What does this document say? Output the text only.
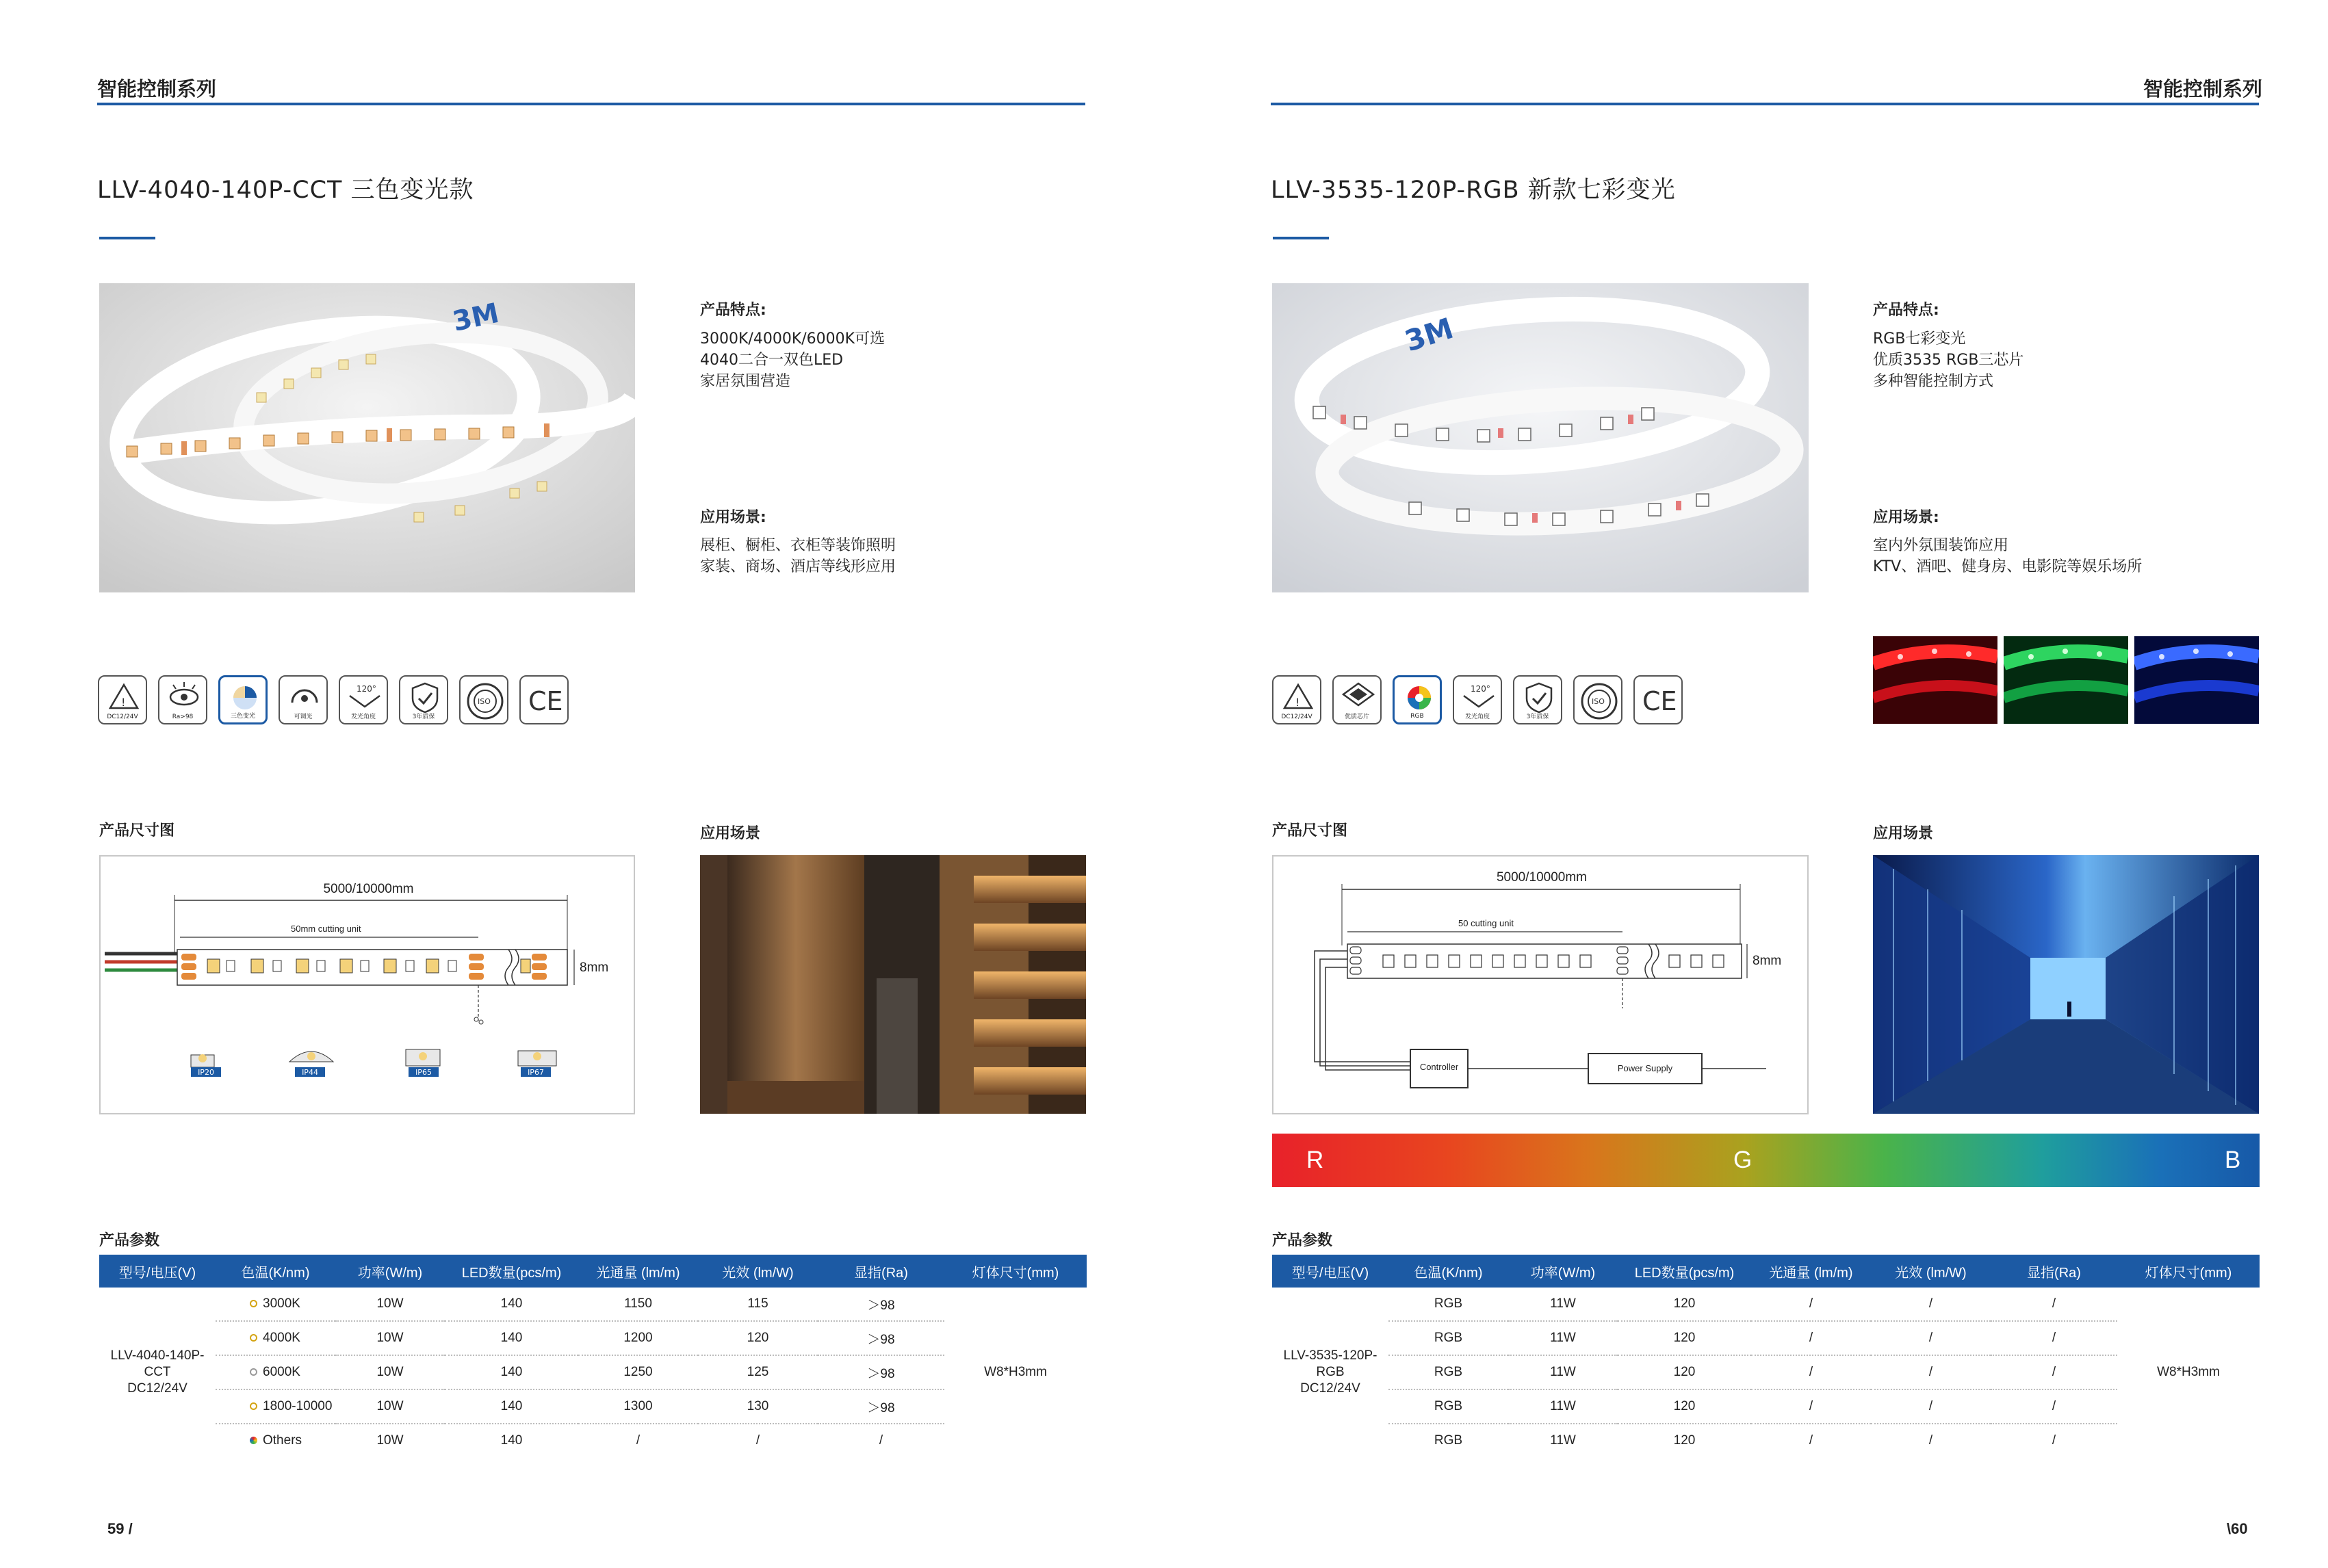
智能控制系列
LLV-4040-140P-CCT 三色变光款
3M	产品特点:
3000K/4000K/6000K可选
4040二合一双色LED
家居氛围营造
应用场景:
展柜、橱柜、衣柜等装饰照明
家装、商场、酒店等线形应用
!
DC12/24V	Ra>98	三色变光	可调光
120°
发光角度	3年质保
ISO CE
产品尺寸图	应用场景
5000/10000mm
50mm cutting unit
8mm
IP20	IP44	IP65	IP67
产品参数
型号/电压(V)	色温(K/nm)	功率(W/m)	LED数量(pcs/m)	光通量 (lm/m)	光效 (lm/W)	显指(Ra)	灯体尺寸(mm)

LLV-4040-140P-CCT
DC12/24V	3000K	10W	140	1150	115	＞98	W8*H3mm
	4000K	10W	140	1200	120	＞98	
	6000K	10W	140	1250	125	＞98	
	1800-10000	10W	140	1300	130	＞98	
	Others	10W	140	/	/	/	
59 /
智能控制系列
LLV-3535-120P-RGB 新款七彩变光
3M
产品特点:
RGB七彩变光
优质3535 RGB三芯片
多种智能控制方式
应用场景:
室内外氛围装饰应用
KTV、酒吧、健身房、电影院等娱乐场所
!
DC12/24V	优质芯片	RGB
120°
发光角度	3年质保
ISO CE
产品尺寸图	应用场景
5000/10000mm
50 cutting unit
8mm
Controller	Power Supply
R	G	B
产品参数
型号/电压(V)	色温(K/nm)	功率(W/m)	LED数量(pcs/m)	光通量 (lm/m)	光效 (lm/W)	显指(Ra)	灯体尺寸(mm)

LLV-3535-120P-RGB
DC12/24V	RGB	11W	120	/	/	/	W8*H3mm
	RGB	11W	120	/	/	/	
	RGB	11W	120	/	/	/	
	RGB	11W	120	/	/	/	
	RGB	11W	120	/	/	/	
\60
